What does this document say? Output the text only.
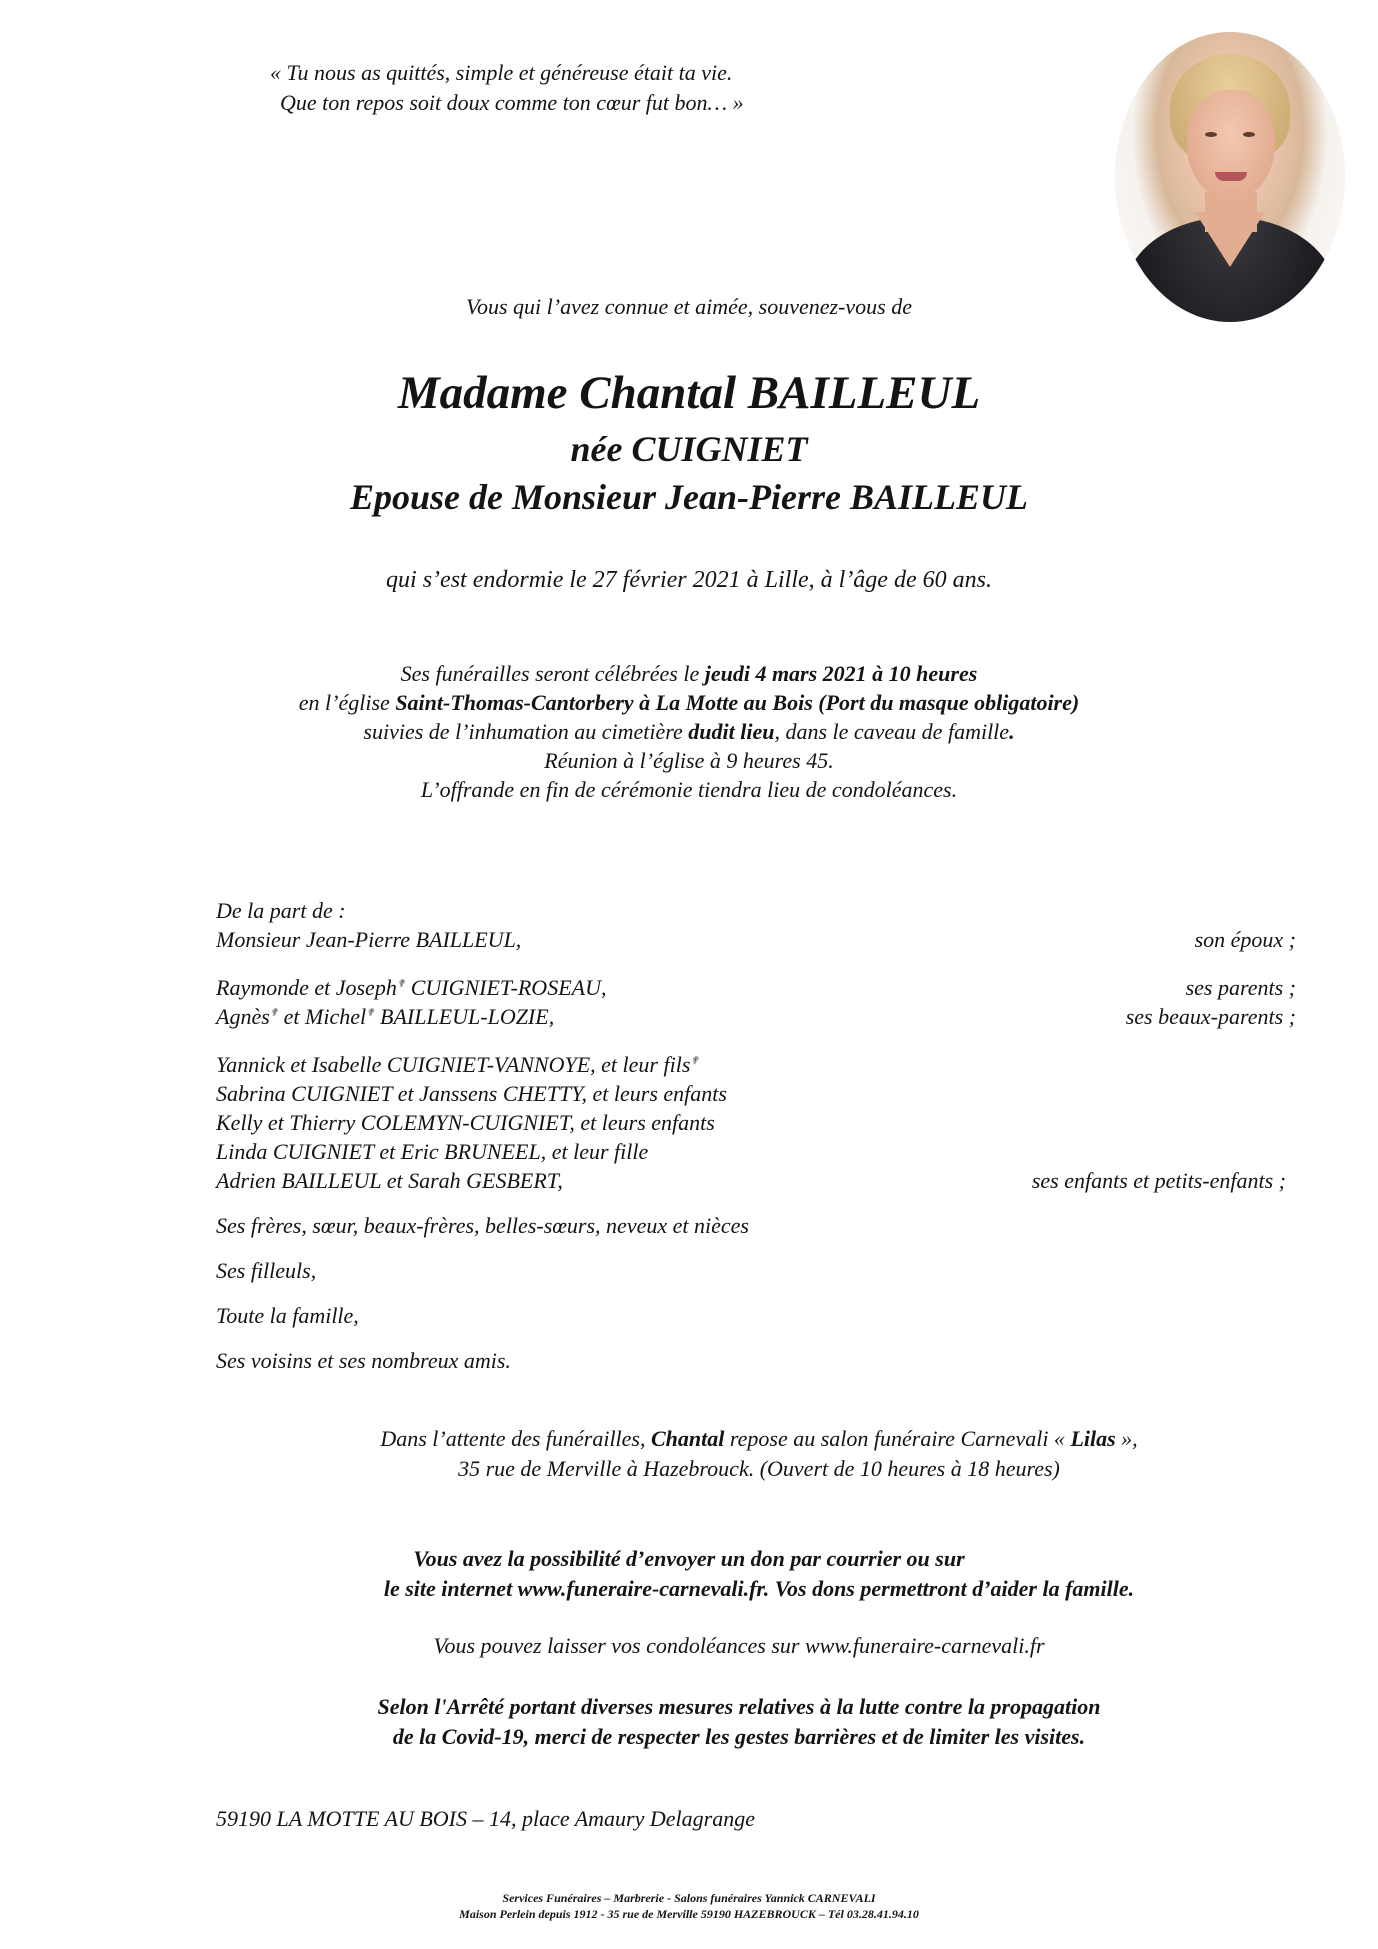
« Tu nous as quittés, simple et généreuse était ta vie.
Que ton repos soit doux comme ton cœur fut bon… »
Vous qui l’avez connue et aimée, souvenez-vous de
Madame Chantal BAILLEUL
née CUIGNIET
Epouse de Monsieur Jean-Pierre BAILLEUL
qui s’est endormie le 27 février 2021 à Lille, à l’âge de 60 ans.
Ses funérailles seront célébrées le jeudi 4 mars 2021 à 10 heures
en l’église Saint-Thomas-Cantorbery à La Motte au Bois (Port du masque obligatoire)
suivies de l’inhumation au cimetière dudit lieu, dans le caveau de famille.
Réunion à l’église à 9 heures 45.
L’offrande en fin de cérémonie tiendra lieu de condoléances.
De la part de :
Monsieur Jean-Pierre BAILLEUL,	son époux ;
Raymonde et Joseph✟ CUIGNIET-ROSEAU,	ses parents ;
Agnès✟ et Michel✟ BAILLEUL-LOZIE,	ses beaux-parents ;
Yannick et Isabelle CUIGNIET-VANNOYE, et leur fils✟
Sabrina CUIGNIET et Janssens CHETTY, et leurs enfants
Kelly et Thierry COLEMYN-CUIGNIET, et leurs enfants
Linda CUIGNIET et Eric BRUNEEL, et leur fille
Adrien BAILLEUL et Sarah GESBERT,	ses enfants et petits-enfants ;
Ses frères, sœur, beaux-frères, belles-sœurs, neveux et nièces
Ses filleuls,
Toute la famille,
Ses voisins et ses nombreux amis.
Dans l’attente des funérailles, Chantal repose au salon funéraire Carnevali « Lilas »,
35 rue de Merville à Hazebrouck. (Ouvert de 10 heures à 18 heures)
Vous avez la possibilité d’envoyer un don par courrier ou sur
le site internet www.funeraire-carnevali.fr. Vos dons permettront d’aider la famille.
Vous pouvez laisser vos condoléances sur www.funeraire-carnevali.fr
Selon l'Arrêté portant diverses mesures relatives à la lutte contre la propagation
de la Covid-19, merci de respecter les gestes barrières et de limiter les visites.
59190 LA MOTTE AU BOIS – 14, place Amaury Delagrange
Services Funéraires – Marbrerie - Salons funéraires Yannick CARNEVALI
Maison Perlein depuis 1912 - 35 rue de Merville 59190 HAZEBROUCK – Tél 03.28.41.94.10
